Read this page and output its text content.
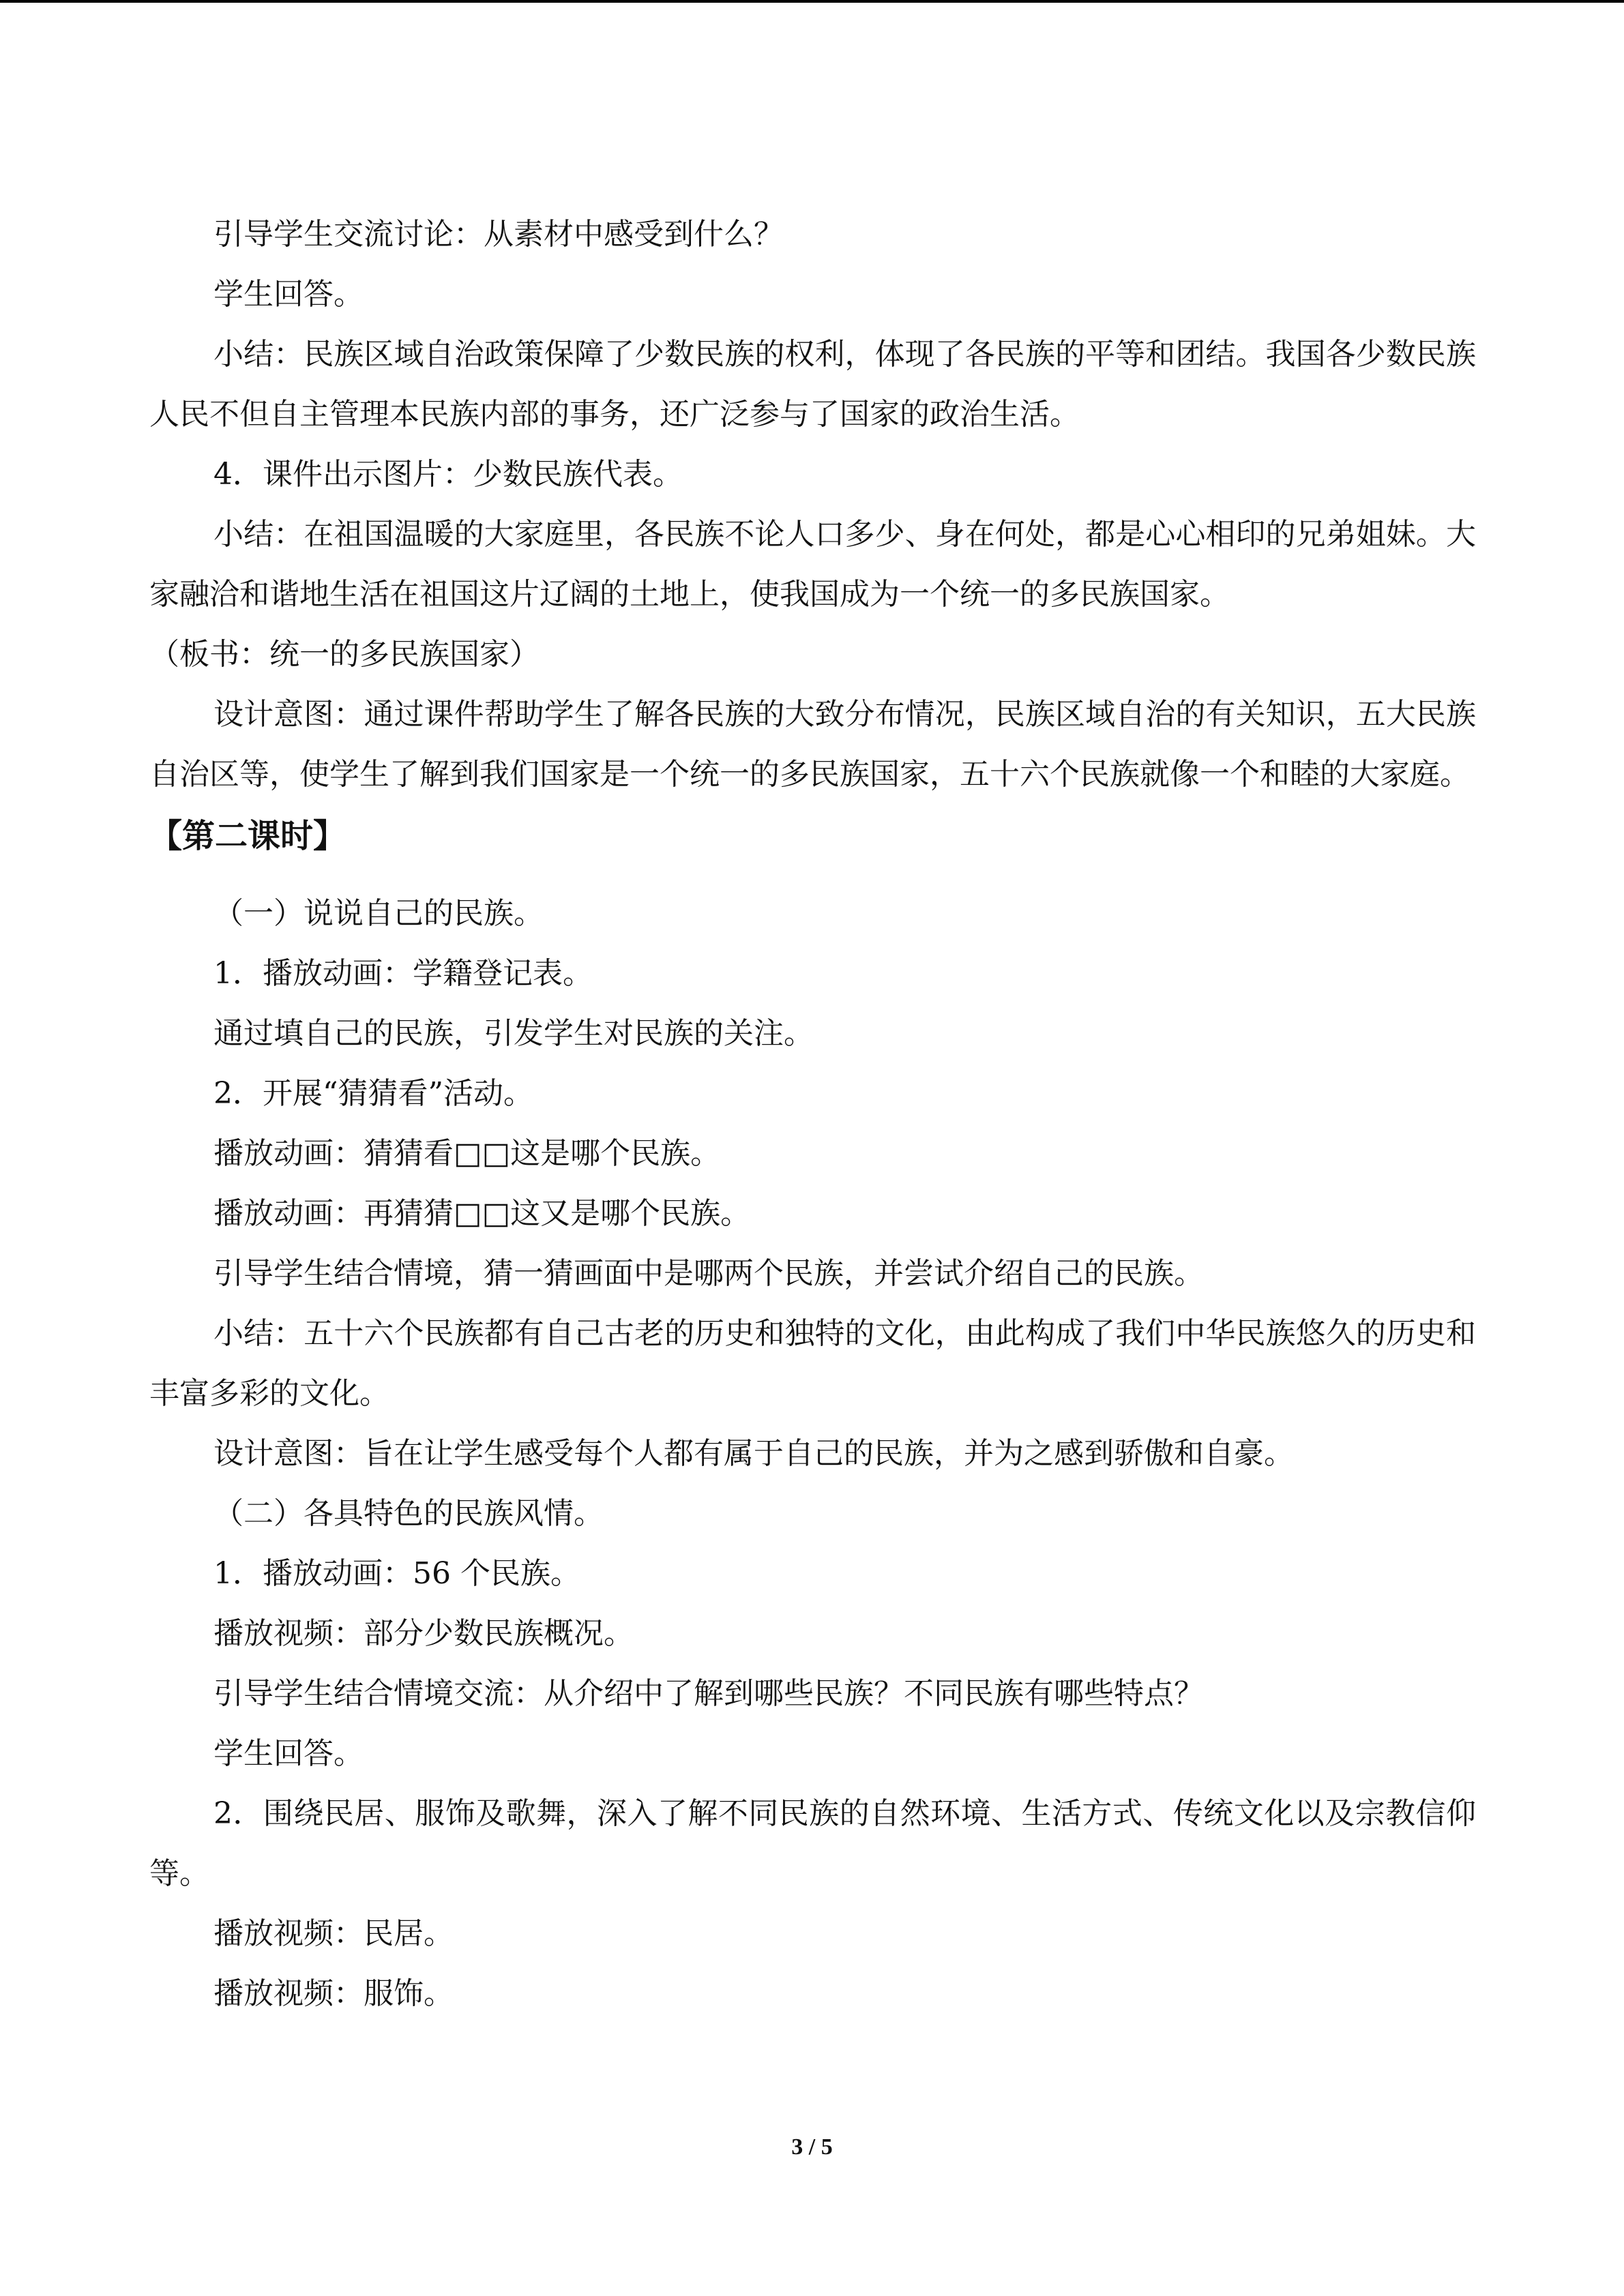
引导学生交流讨论：从素材中感受到什么？

学生回答。

小结：民族区域自治政策保障了少数民族的权利，体现了各民族的平等和团结。我国各少数民族人民不但自主管理本民族内部的事务，还广泛参与了国家的政治生活。

4．课件出示图片：少数民族代表。

小结：在祖国温暖的大家庭里，各民族不论人口多少、身在何处，都是心心相印的兄弟姐妹。大家融洽和谐地生活在祖国这片辽阔的土地上，使我国成为一个统一的多民族国家。

（板书：统一的多民族国家）

设计意图：通过课件帮助学生了解各民族的大致分布情况，民族区域自治的有关知识，五大民族自治区等，使学生了解到我们国家是一个统一的多民族国家，五十六个民族就像一个和睦的大家庭。

【第二课时】

（一）说说自己的民族。

1．播放动画：学籍登记表。

通过填自己的民族，引发学生对民族的关注。

2．开展“猜猜看”活动。

播放动画：猜猜看□□这是哪个民族。

播放动画：再猜猜□□这又是哪个民族。

引导学生结合情境，猜一猜画面中是哪两个民族，并尝试介绍自己的民族。

小结：五十六个民族都有自己古老的历史和独特的文化，由此构成了我们中华民族悠久的历史和丰富多彩的文化。

设计意图：旨在让学生感受每个人都有属于自己的民族，并为之感到骄傲和自豪。

（二）各具特色的民族风情。

1．播放动画：56 个民族。

播放视频：部分少数民族概况。

引导学生结合情境交流：从介绍中了解到哪些民族？不同民族有哪些特点？

学生回答。

2．围绕民居、服饰及歌舞，深入了解不同民族的自然环境、生活方式、传统文化以及宗教信仰等。

播放视频：民居。

播放视频：服饰。

3 / 5
